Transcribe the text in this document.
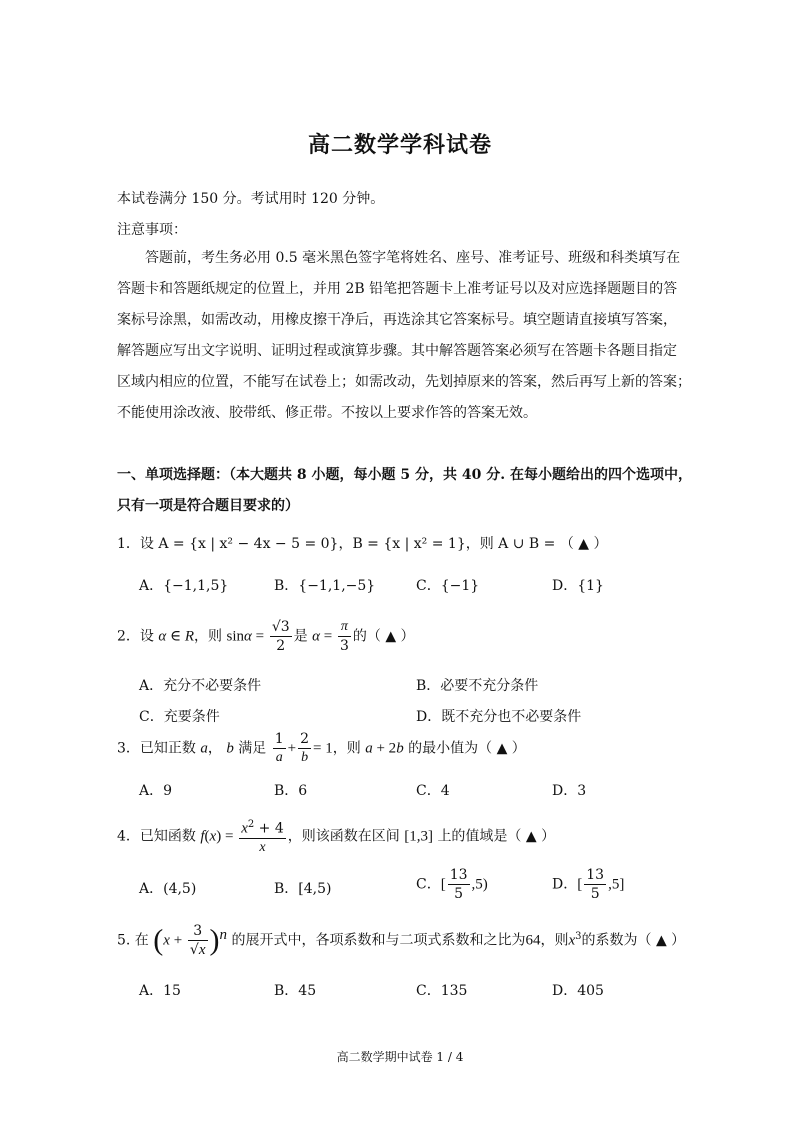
高二数学学科试卷
本试卷满分 150 分。考试用时 120 分钟。
注意事项：
答题前，考生务必用 0.5 毫米黑色签字笔将姓名、座号、准考证号、班级和科类填写在
答题卡和答题纸规定的位置上，并用 2B 铅笔把答题卡上准考证号以及对应选择题题目的答
案标号涂黑，如需改动，用橡皮擦干净后，再选涂其它答案标号。填空题请直接填写答案，
解答题应写出文字说明、证明过程或演算步骤。其中解答题答案必须写在答题卡各题目指定
区域内相应的位置，不能写在试卷上；如需改动，先划掉原来的答案，然后再写上新的答案；
不能使用涂改液、胶带纸、修正带。不按以上要求作答的答案无效。
一、单项选择题：（本大题共 8 小题，每小题 5 分，共 40 分. 在每小题给出的四个选项中，
只有一项是符合题目要求的）
1．设 A = {x | x² − 4x − 5 = 0}，B = {x | x² = 1}，则 A ∪ B = （ ▲ ）
A．{−1,1,5}	B．{−1,1,−5}	C．{−1}	D．{1}
2．设 α ∈ R，则 $\sin\alpha = \frac{√3}{2}$ 是 $\alpha = \frac{\pi}{3}$ 的（ ▲ ）
A．充分不必要条件	B．必要不充分条件
C．充要条件	D．既不充分也不必要条件
3．已知正数 a， b 满足 $\frac{1}{a} + \frac{2}{b} = 1$，则 a + 2b 的最小值为（ ▲ ）
A．9	B．6	C．4	D．3
4．已知函数 $f(x) = \frac{x^2 + 4}{x}$ ，则该函数在区间 [1,3] 上的值域是（ ▲ ）
A．(4,5)	B．[4,5)	C．[ $\frac{13}{5} ,5$)	D．[ $\frac{13}{5} ,5$]
5. 在 $(x + \frac{3}{√x} )^n$ 的展开式中，各项系数和与二项式系数和之比为64，则$x^3$的系数为（ ▲ ）
A．15	B．45	C．135	D．405
高二数学期中试卷 1 / 4
